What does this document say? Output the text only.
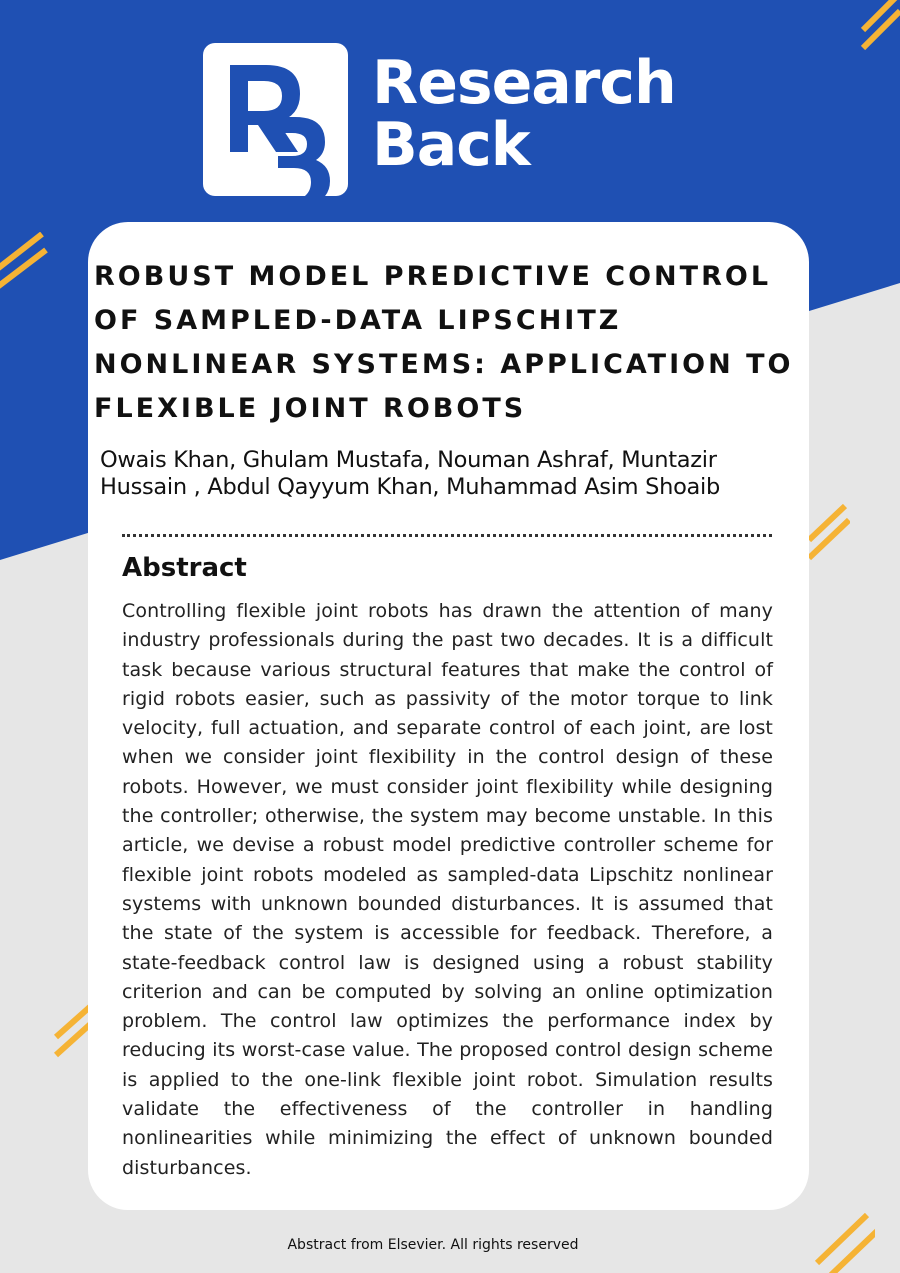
Research
Back
ROBUST MODEL PREDICTIVE CONTROL OF SAMPLED-DATA LIPSCHITZ NONLINEAR SYSTEMS: APPLICATION TO FLEXIBLE JOINT ROBOTS
Owais Khan, Ghulam Mustafa, Nouman Ashraf, Muntazir Hussain , Abdul Qayyum Khan, Muhammad Asim Shoaib
Abstract
Controlling flexible joint robots has drawn the attention of many industry professionals during the past two decades. It is a difficult task because various structural features that make the control of rigid robots easier, such as passivity of the motor torque to link velocity, full actuation, and separate control of each joint, are lost when we consider joint flexibility in the control design of these robots. However, we must consider joint flexibility while designing the controller; otherwise, the system may become unstable. In this article, we devise a robust model predictive controller scheme for flexible joint robots modeled as sampled-data Lipschitz nonlinear systems with unknown bounded disturbances. It is assumed that the state of the system is accessible for feedback. Therefore, a state-feedback control law is designed using a robust stability criterion and can be computed by solving an online optimization problem. The control law optimizes the performance index by reducing its worst-case value. The proposed control design scheme is applied to the one-link flexible joint robot. Simulation results validate the effectiveness of the controller in handling nonlinearities while minimizing the effect of unknown bounded disturbances.
Abstract from Elsevier. All rights reserved
